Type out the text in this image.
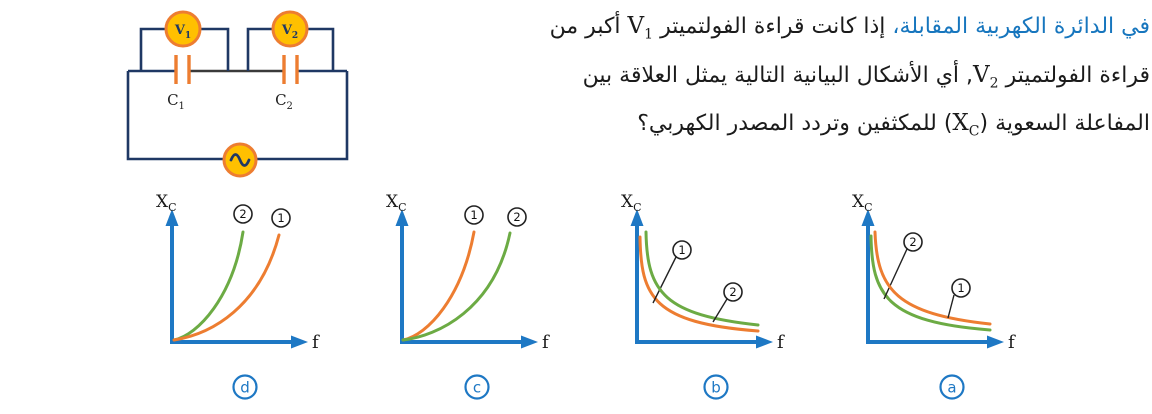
$V_1$	$V_2$
$C_1$	$C_2$

في الدائرة الكهربية المقابلة، إذا كانت قراءة الفولتميتر $V_1$ أكبر من

قراءة الفولتميتر $V_2$, أي الأشكال البيانية التالية يمثل العلاقة بين

المفاعلة السعوية $(X_C)$ للمكثفين وتردد المصدر الكهربي؟

$X_C$
f
2	1
d
$X_C$
f
1	2
c
$X_C$
f
1
2
b
$X_C$
f
2
1
a
